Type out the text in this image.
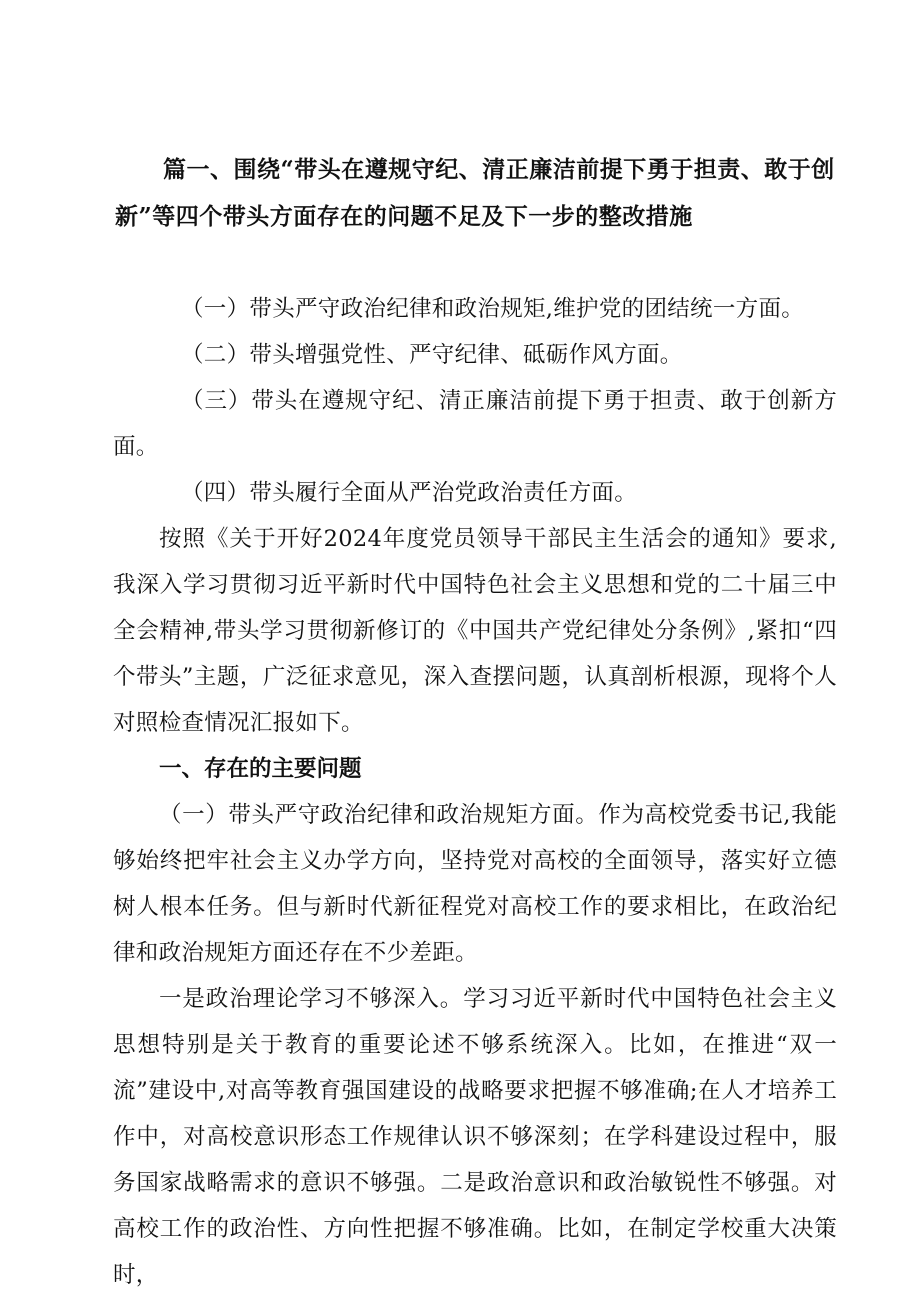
篇一、围绕“带头在遵规守纪、清正廉洁前提下勇于担责、敢于创新”等四个带头方面存在的问题不足及下一步的整改措施

（一）带头严守政治纪律和政治规矩,维护党的团结统一方面。

（二）带头增强党性、严守纪律、砥砺作风方面。

（三）带头在遵规守纪、清正廉洁前提下勇于担责、敢于创新方面。

（四）带头履行全面从严治党政治责任方面。

按照《关于开好2024年度党员领导干部民主生活会的通知》要求,我深入学习贯彻习近平新时代中国特色社会主义思想和党的二十届三中全会精神,带头学习贯彻新修订的《中国共产党纪律处分条例》,紧扣“四个带头”主题，广泛征求意见，深入查摆问题，认真剖析根源，现将个人对照检查情况汇报如下。

一、存在的主要问题

（一）带头严守政治纪律和政治规矩方面。作为高校党委书记,我能够始终把牢社会主义办学方向，坚持党对高校的全面领导，落实好立德树人根本任务。但与新时代新征程党对高校工作的要求相比，在政治纪律和政治规矩方面还存在不少差距。

一是政治理论学习不够深入。学习习近平新时代中国特色社会主义思想特别是关于教育的重要论述不够系统深入。比如，在推进“双一流”建设中,对高等教育强国建设的战略要求把握不够准确;在人才培养工作中，对高校意识形态工作规律认识不够深刻；在学科建设过程中，服务国家战略需求的意识不够强。二是政治意识和政治敏锐性不够强。对高校工作的政治性、方向性把握不够准确。比如，在制定学校重大决策时，
